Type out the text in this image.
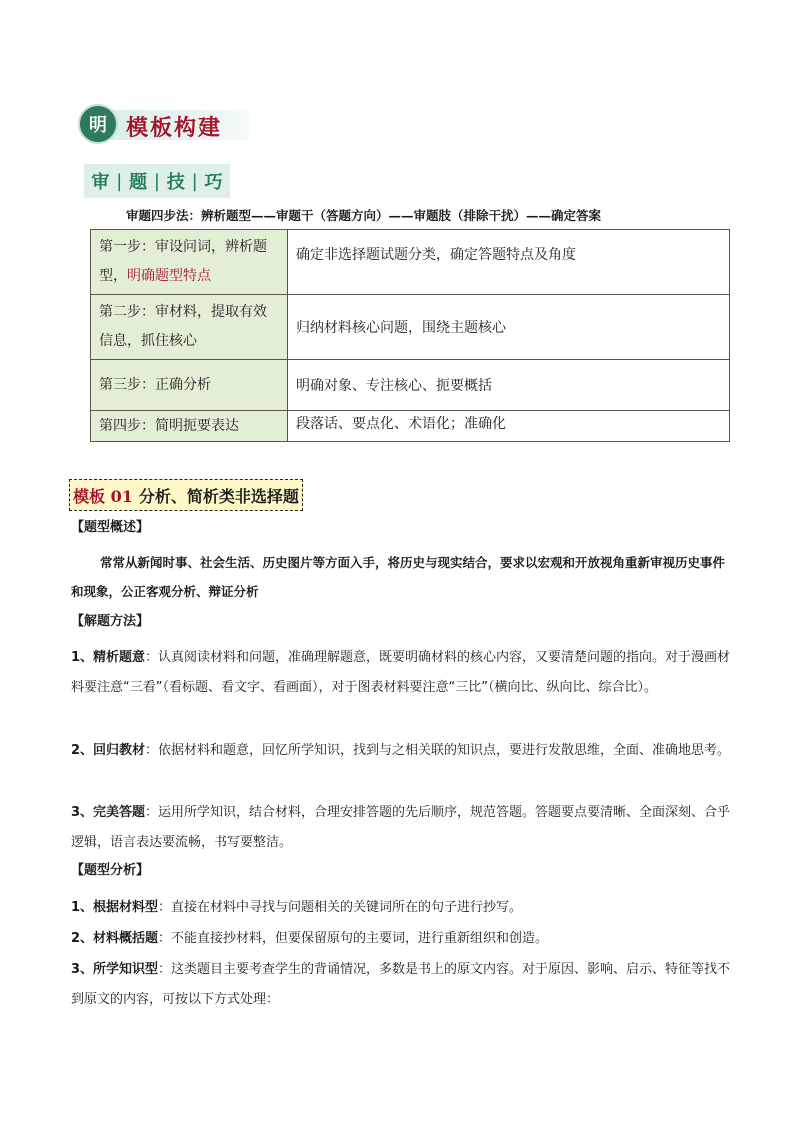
明 模板构建
审 | 题 | 技 | 巧
审题四步法：辨析题型——审题干（答题方向）——审题肢（排除干扰）——确定答案
第一步：审设问词，辨析题型，明确题型特点	确定非选择题试题分类，确定答题特点及角度
第二步：审材料，提取有效信息，抓住核心	归纳材料核心问题，围绕主题核心
第三步：正确分析	明确对象、专注核心、扼要概括
第四步：简明扼要表达	段落话、要点化、术语化；准确化
模板 01 分析、简析类非选择题
【题型概述】
常常从新闻时事、社会生活、历史图片等方面入手，将历史与现实结合，要求以宏观和开放视角重新审视历史事件和现象，公正客观分析、辩证分析
【解题方法】
1、精析题意：认真阅读材料和问题，准确理解题意，既要明确材料的核心内容，又要清楚问题的指向。对于漫画材料要注意“三看”（看标题、看文字、看画面），对于图表材料要注意“三比”（横向比、纵向比、综合比）。
2、回归教材：依据材料和题意，回忆所学知识，找到与之相关联的知识点，要进行发散思维，全面、准确地思考。
3、完美答题：运用所学知识，结合材料，合理安排答题的先后顺序，规范答题。答题要点要清晰、全面深刻、合乎逻辑，语言表达要流畅，书写要整洁。
【题型分析】
1、根据材料型：直接在材料中寻找与问题相关的关键词所在的句子进行抄写。
2、材料概括题：不能直接抄材料，但要保留原句的主要词，进行重新组织和创造。
3、所学知识型：这类题目主要考查学生的背诵情况，多数是书上的原文内容。对于原因、影响、启示、特征等找不到原文的内容，可按以下方式处理：
